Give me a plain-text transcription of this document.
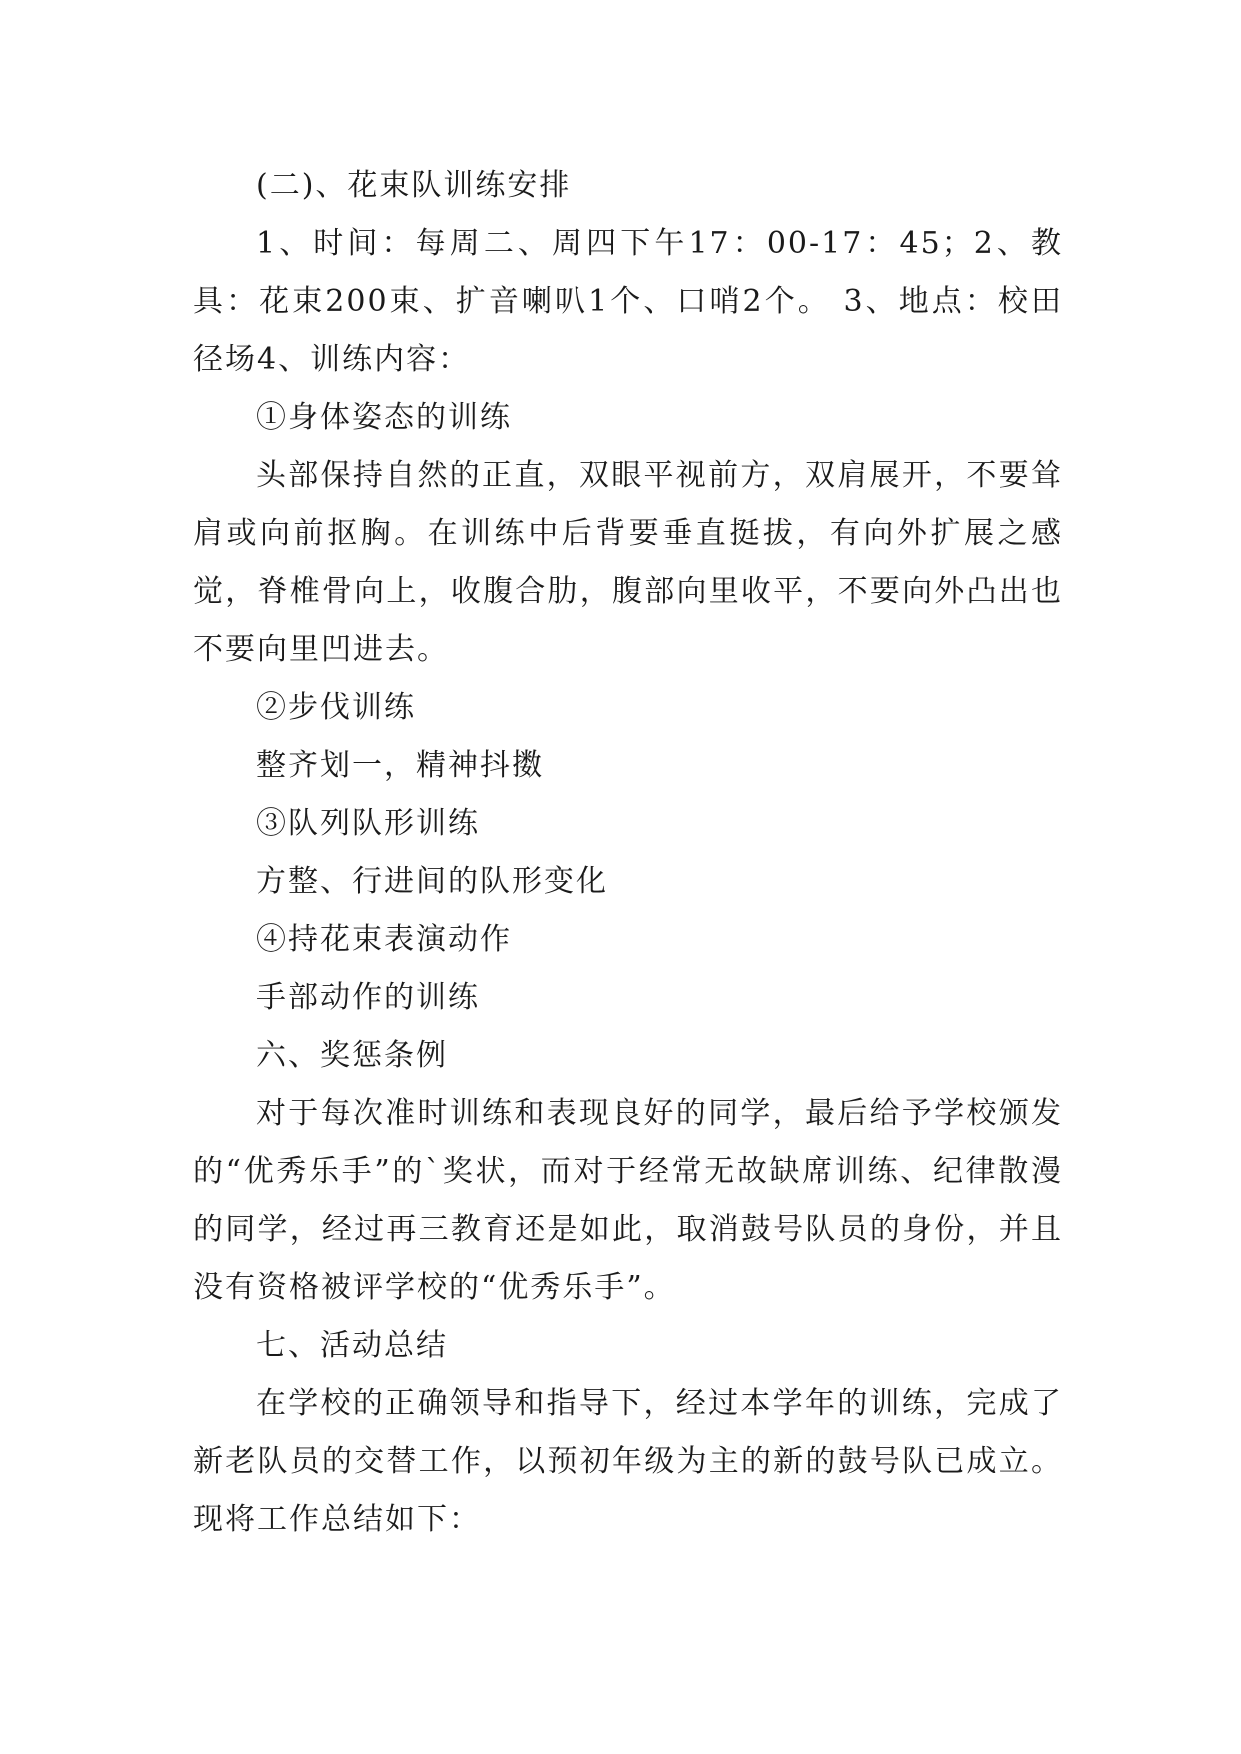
(二)、花束队训练安排

1、时间：每周二、周四下午17：00-17：45；2、教具：花束200束、扩音喇叭1个、口哨2个。 3、地点：校田径场4、训练内容：

①身体姿态的训练

头部保持自然的正直，双眼平视前方，双肩展开，不要耸肩或向前抠胸。在训练中后背要垂直挺拔，有向外扩展之感觉，脊椎骨向上，收腹合肋，腹部向里收平，不要向外凸出也不要向里凹进去。

②步伐训练

整齐划一，精神抖擞

③队列队形训练

方整、行进间的队形变化

④持花束表演动作

手部动作的训练

六、奖惩条例

对于每次准时训练和表现良好的同学，最后给予学校颁发的“优秀乐手”的`奖状，而对于经常无故缺席训练、纪律散漫的同学，经过再三教育还是如此，取消鼓号队员的身份，并且没有资格被评学校的“优秀乐手”。

七、活动总结

在学校的正确领导和指导下，经过本学年的训练，完成了新老队员的交替工作，以预初年级为主的新的鼓号队已成立。现将工作总结如下：
